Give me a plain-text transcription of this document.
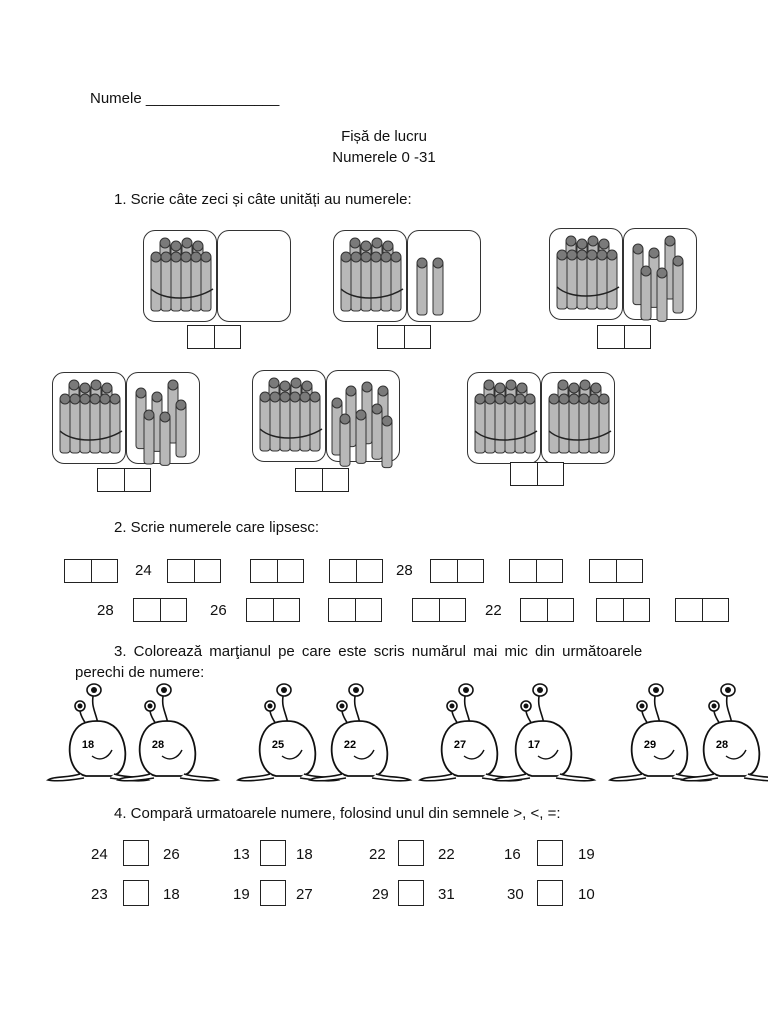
Numele ________________
Fișă de lucru
Numerele 0 -31
1. Scrie câte zeci și câte unități au numerele:
2. Scrie numerele care lipsesc:
24	28
28	26	22
3. Colorează marţianul pe care este scris numărul mai mic din următoarele
perechi de numere:
18	28	25	22	27	17	29	28
4. Compară urmatoarele numere, folosind unul din semnele >, <, =:
24	26	13	18	22	22	16	19
23	18	19	27	29	31	30	10
